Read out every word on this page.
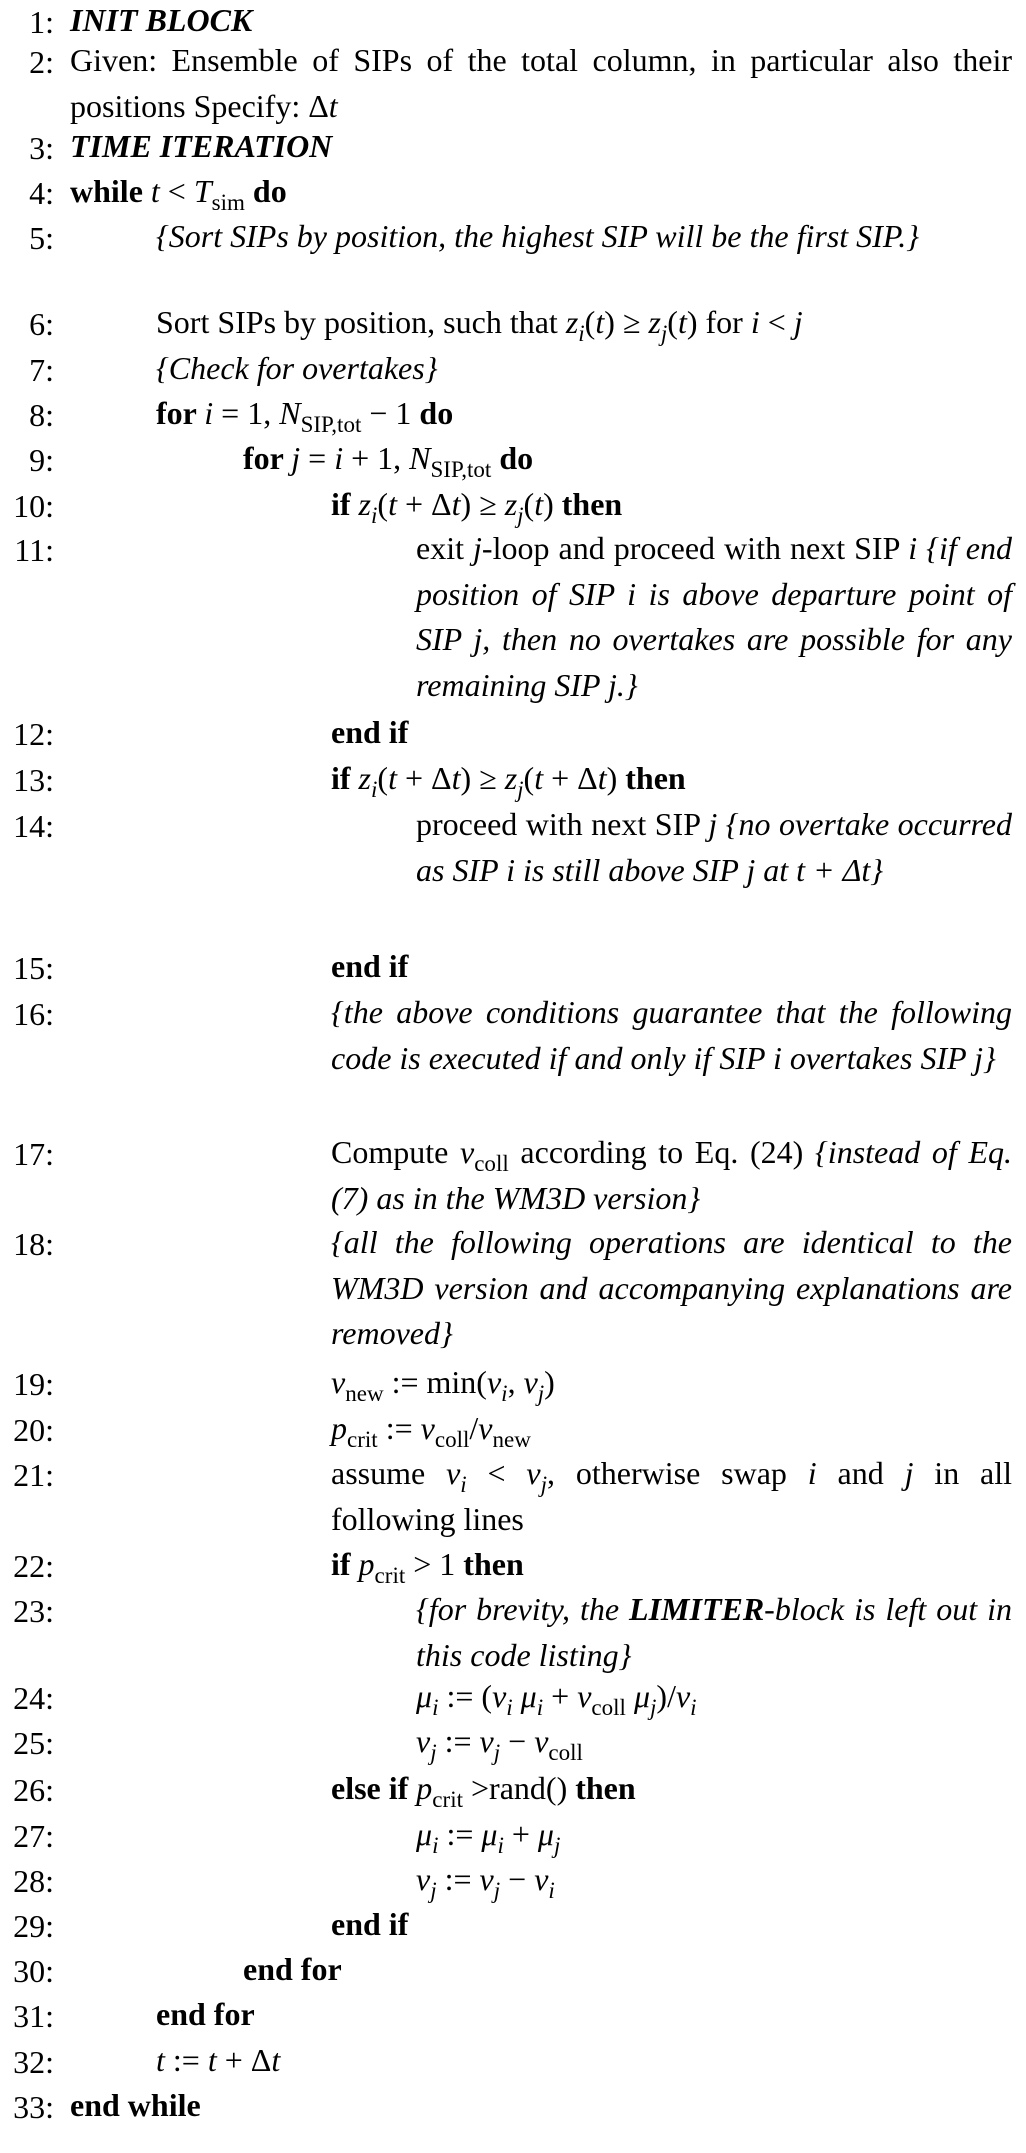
1: INIT BLOCK
2: Given: Ensemble of SIPs of the total column, in particular also their positions Specify: Δt
3: TIME ITERATION
4: while $t < T_{sim}$ do
5:	{Sort SIPs by position, the highest SIP will be the first SIP.}
6:	Sort SIPs by position, such that $z_i(t) \ge z_j(t)$ for i < j
7:	{Check for overtakes}
8:	for i = 1, $N_{SIP,tot} - 1$ do
9:	for j = i + 1, $N_{SIP,tot}$ do
10:	if $z_i(t + \Delta t) \ge z_j(t)$ then
11:	exit j-loop and proceed with next SIP i {if end position of SIP i is above departure point of SIP j, then no overtakes are possible for any remaining SIP j.}
12:	end if
13:	if $z_i(t + \Delta t) \ge z_j(t + \Delta t)$ then
14:	proceed with next SIP j {no overtake occurred as SIP i is still above SIP j at t + Δt}
15:	end if
16:	{the above conditions guarantee that the following code is executed if and only if SIP i overtakes SIP j}
17:	Compute $\nu_{coll}$ according to Eq. (24) {instead of Eq. (7) as in the WM3D version}
18:	{all the following operations are identical to the WM3D version and accompanying explanations are removed}
19:	$\nu_{new}$ := $\min(\nu_i$, $\nu_j$)
20:	$p_{crit}$ := $\nu_{coll}/\nu_{new}$
21:	assume $\nu_i < \nu_j$, otherwise swap i and j in all following lines
22:	if $p_{crit} > 1$ then
23:	{for brevity, the LIMITER-block is left out in this code listing}
24:	$\mu_i$ := ($\nu_i$ $\mu_i + \nu_{coll}$ $\mu_j)/\nu_i$
25:	$\nu_j$ := $\nu_j - \nu_{coll}$
26:	else if $p_{crit}$ >rand() then
27:	$\mu_i$ := $\mu_i + \mu_j$
28:	$\nu_j$ := $\nu_j - \nu_i$
29:	end if
30:	end for
31:	end for
32:	t := t + Δt
33: end while
